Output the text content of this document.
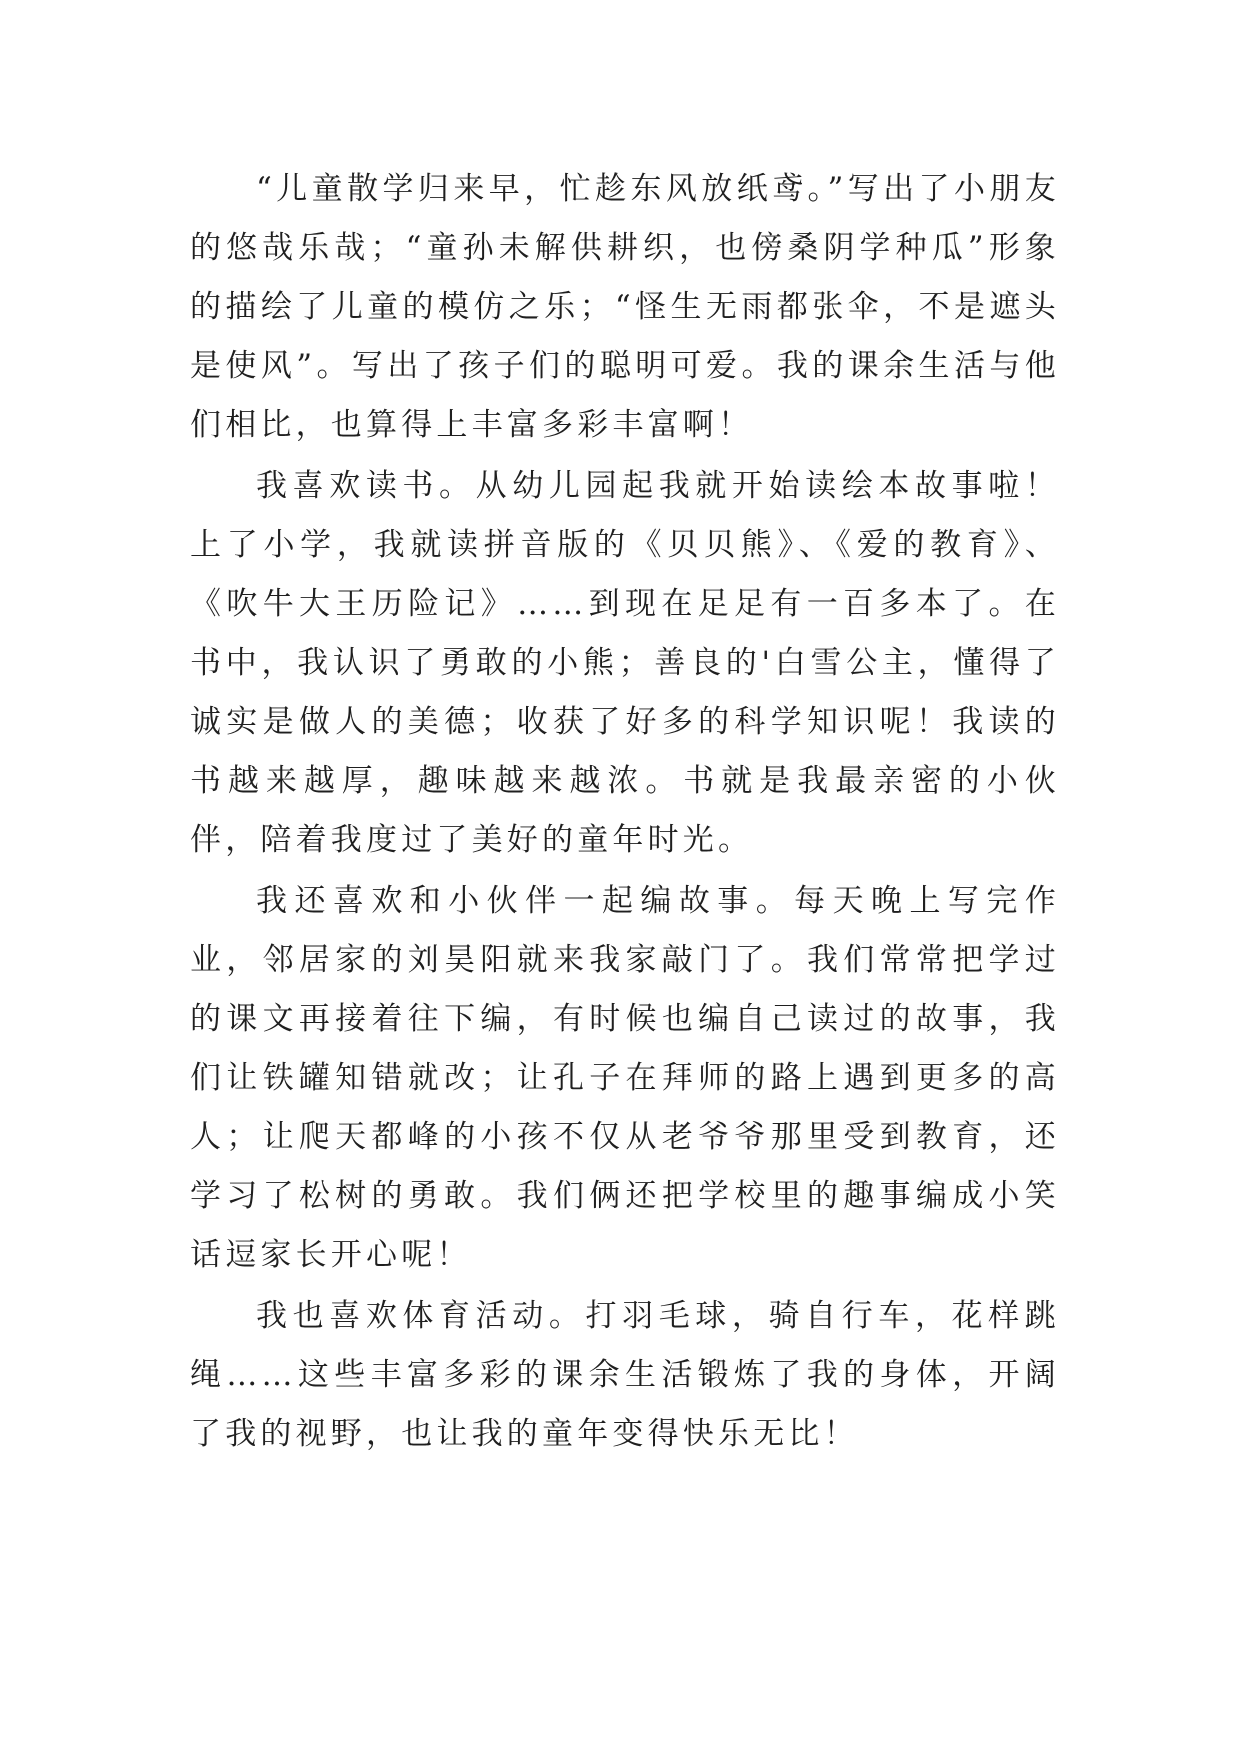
“儿童散学归来早，忙趁东风放纸鸢。”写出了小朋友的悠哉乐哉；“童孙未解供耕织，也傍桑阴学种瓜”形象的描绘了儿童的模仿之乐；“怪生无雨都张伞，不是遮头是使风”。写出了孩子们的聪明可爱。我的课余生活与他们相比，也算得上丰富多彩丰富啊！

我喜欢读书。从幼儿园起我就开始读绘本故事啦！上了小学，我就读拼音版的《贝贝熊》、《爱的教育》、《吹牛大王历险记》……到现在足足有一百多本了。在书中，我认识了勇敢的小熊；善良的'白雪公主，懂得了诚实是做人的美德；收获了好多的科学知识呢！我读的书越来越厚，趣味越来越浓。书就是我最亲密的小伙伴，陪着我度过了美好的童年时光。

我还喜欢和小伙伴一起编故事。每天晚上写完作业，邻居家的刘昊阳就来我家敲门了。我们常常把学过的课文再接着往下编，有时候也编自己读过的故事，我们让铁罐知错就改；让孔子在拜师的路上遇到更多的高人；让爬天都峰的小孩不仅从老爷爷那里受到教育，还学习了松树的勇敢。我们俩还把学校里的趣事编成小笑话逗家长开心呢！

我也喜欢体育活动。打羽毛球，骑自行车，花样跳绳……这些丰富多彩的课余生活锻炼了我的身体，开阔了我的视野，也让我的童年变得快乐无比！
